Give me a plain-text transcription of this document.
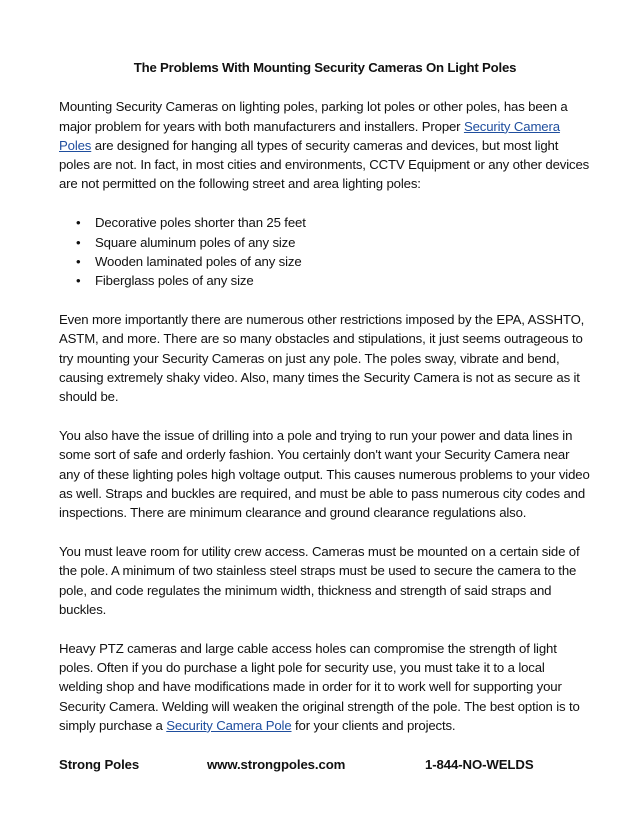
The Problems With Mounting Security Cameras On Light Poles

Mounting Security Cameras on lighting poles, parking lot poles or other poles, has been a major problem for years with both manufacturers and installers. Proper Security Camera Poles are designed for hanging all types of security cameras and devices, but most light poles are not. In fact, in most cities and environments, CCTV Equipment or any other devices are not permitted on the following street and area lighting poles:

• Decorative poles shorter than 25 feet
• Square aluminum poles of any size
• Wooden laminated poles of any size
• Fiberglass poles of any size

Even more importantly there are numerous other restrictions imposed by the EPA, ASSHTO, ASTM, and more. There are so many obstacles and stipulations, it just seems outrageous to try mounting your Security Cameras on just any pole. The poles sway, vibrate and bend, causing extremely shaky video. Also, many times the Security Camera is not as secure as it should be.

You also have the issue of drilling into a pole and trying to run your power and data lines in some sort of safe and orderly fashion. You certainly don't want your Security Camera near any of these lighting poles high voltage output. This causes numerous problems to your video as well. Straps and buckles are required, and must be able to pass numerous city codes and inspections. There are minimum clearance and ground clearance regulations also.

You must leave room for utility crew access. Cameras must be mounted on a certain side of the pole. A minimum of two stainless steel straps must be used to secure the camera to the pole, and code regulates the minimum width, thickness and strength of said straps and buckles.

Heavy PTZ cameras and large cable access holes can compromise the strength of light poles. Often if you do purchase a light pole for security use, you must take it to a local welding shop and have modifications made in order for it to work well for supporting your Security Camera. Welding will weaken the original strength of the pole. The best option is to simply purchase a Security Camera Pole for your clients and projects.

Strong Poles	www.strongpoles.com	1-844-NO-WELDS
